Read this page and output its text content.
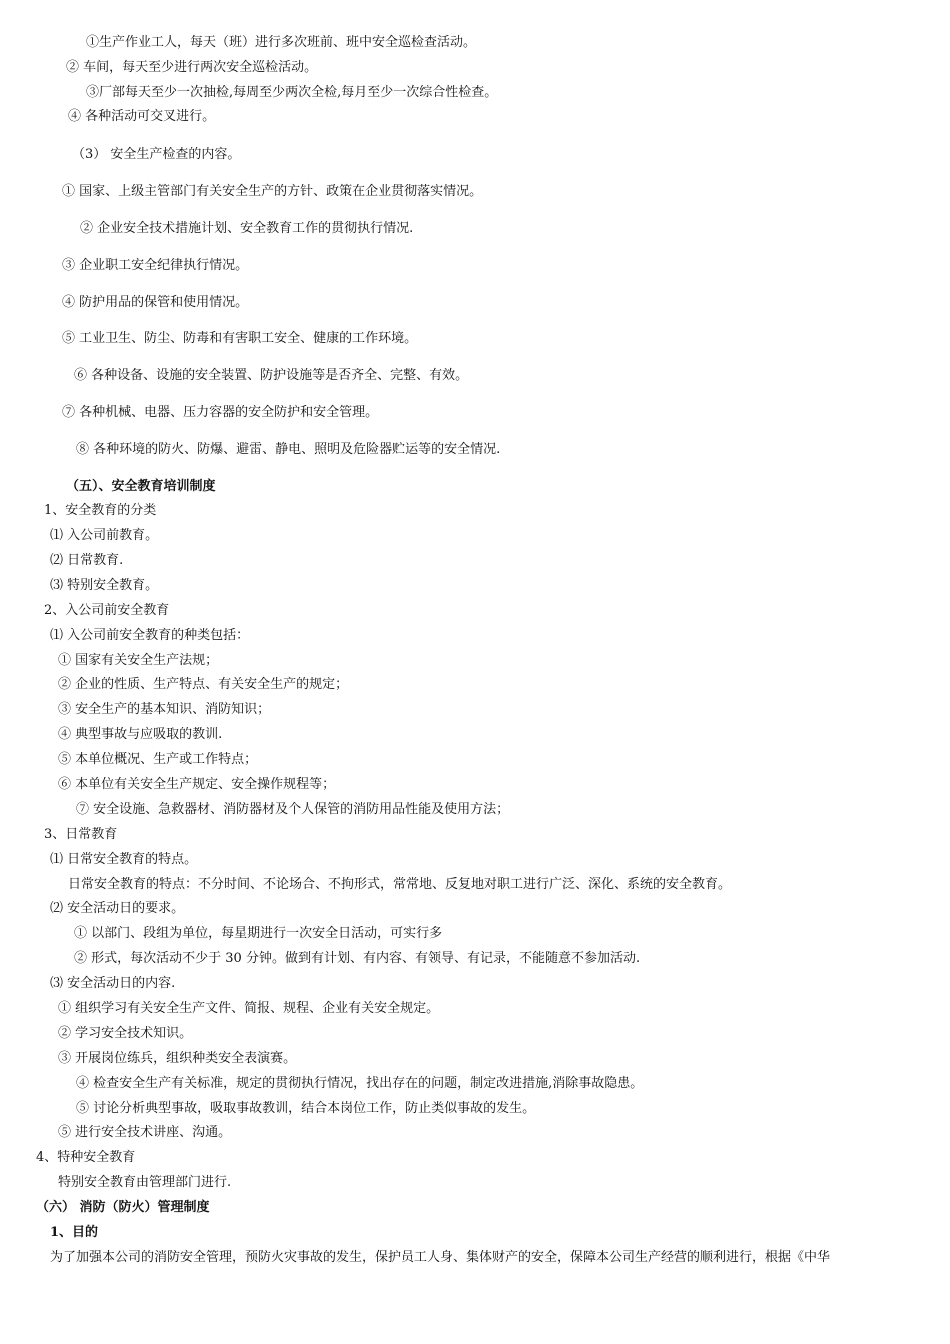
①生产作业工人，每天（班）进行多次班前、班中安全巡检查活动。
② 车间，每天至少进行两次安全巡检活动。
③厂部每天至少一次抽检,每周至少两次全检,每月至少一次综合性检查。
④ 各种活动可交叉进行。
（3） 安全生产检查的内容。
① 国家、上级主管部门有关安全生产的方针、政策在企业贯彻落实情况。
② 企业安全技术措施计划、安全教育工作的贯彻执行情况.
③ 企业职工安全纪律执行情况。
④ 防护用品的保管和使用情况。
⑤ 工业卫生、防尘、防毒和有害职工安全、健康的工作环境。
⑥ 各种设备、设施的安全装置、防护设施等是否齐全、完整、有效。
⑦ 各种机械、电器、压力容器的安全防护和安全管理。
⑧ 各种环境的防火、防爆、避雷、静电、照明及危险器贮运等的安全情况.
（五）、安全教育培训制度
1、安全教育的分类
⑴ 入公司前教育。
⑵ 日常教育.
⑶ 特别安全教育。
2、入公司前安全教育
⑴ 入公司前安全教育的种类包括：
① 国家有关安全生产法规；
② 企业的性质、生产特点、有关安全生产的规定；
③ 安全生产的基本知识、消防知识；
④ 典型事故与应吸取的教训.
⑤ 本单位概况、生产或工作特点；
⑥ 本单位有关安全生产规定、安全操作规程等；
⑦ 安全设施、急救器材、消防器材及个人保管的消防用品性能及使用方法；
3、日常教育
⑴ 日常安全教育的特点。
日常安全教育的特点：不分时间、不论场合、不拘形式，常常地、反复地对职工进行广泛、深化、系统的安全教育。
⑵ 安全活动日的要求。
① 以部门、段组为单位，每星期进行一次安全日活动，可实行多
② 形式，每次活动不少于 30 分钟。做到有计划、有内容、有领导、有记录，不能随意不参加活动.
⑶ 安全活动日的内容.
① 组织学习有关安全生产文件、简报、规程、企业有关安全规定。
② 学习安全技术知识。
③ 开展岗位练兵，组织种类安全表演赛。
④ 检查安全生产有关标准，规定的贯彻执行情况，找出存在的问题，制定改进措施,消除事故隐患。
⑤ 讨论分析典型事故，吸取事故教训，结合本岗位工作，防止类似事故的发生。
⑤ 进行安全技术讲座、沟通。
4、特种安全教育
特别安全教育由管理部门进行.
（六） 消防（防火）管理制度
1、目的
为了加强本公司的消防安全管理，预防火灾事故的发生，保护员工人身、集体财产的安全，保障本公司生产经营的顺利进行，根据《中华
